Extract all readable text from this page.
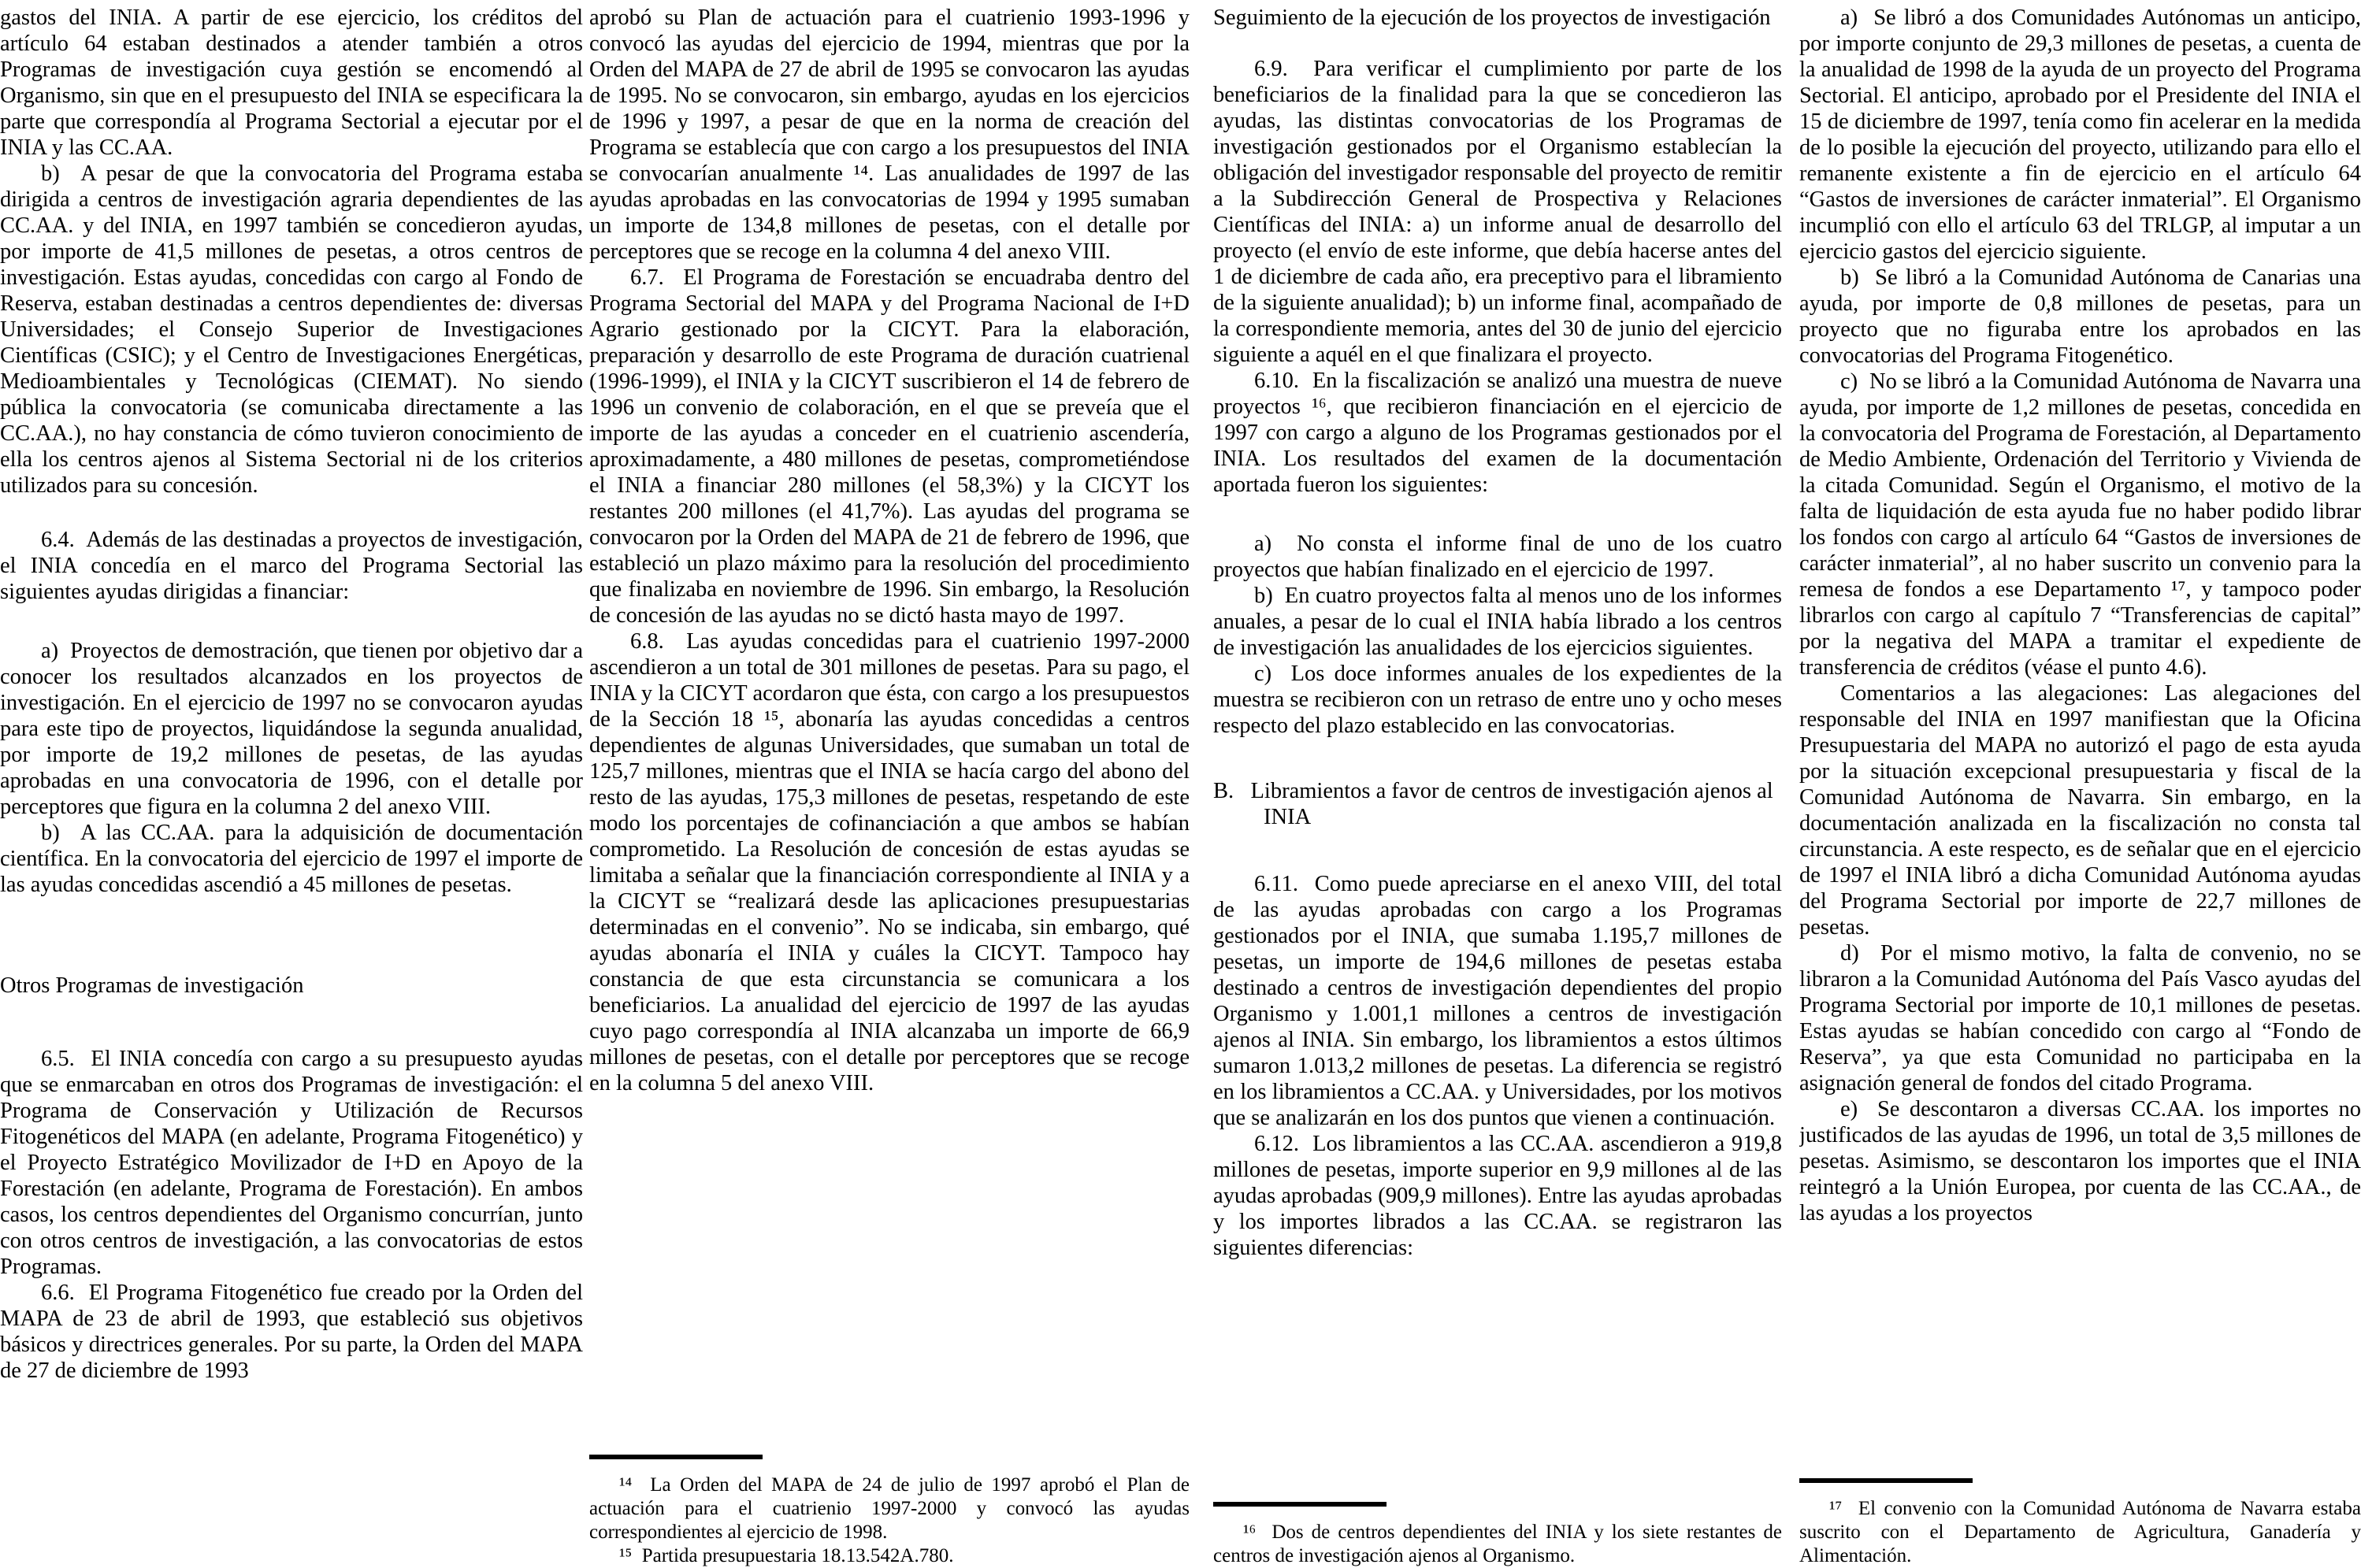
gastos del INIA. A partir de ese ejercicio, los créditos del artículo 64 estaban destinados a atender también a otros Programas de investigación cuya gestión se encomendó al Organismo, sin que en el presupuesto del INIA se especificara la parte que correspondía al Programa Sectorial a ejecutar por el INIA y las CC.AA.

b)  A pesar de que la convocatoria del Programa estaba dirigida a centros de investigación agraria dependientes de las CC.AA. y del INIA, en 1997 también se concedieron ayudas, por importe de 41,5 millones de pesetas, a otros centros de investigación. Estas ayudas, concedidas con cargo al Fondo de Reserva, estaban destinadas a centros dependientes de: diversas Universidades; el Consejo Superior de Investigaciones Científicas (CSIC); y el Centro de Investigaciones Energéticas, Medioambientales y Tecnológicas (CIEMAT). No siendo pública la convocatoria (se comunicaba directamente a las CC.AA.), no hay constancia de cómo tuvieron conocimiento de ella los centros ajenos al Sistema Sectorial ni de los criterios utilizados para su concesión.

6.4.  Además de las destinadas a proyectos de investigación, el INIA concedía en el marco del Programa Sectorial las siguientes ayudas dirigidas a financiar:

a)  Proyectos de demostración, que tienen por objetivo dar a conocer los resultados alcanzados en los proyectos de investigación. En el ejercicio de 1997 no se convocaron ayudas para este tipo de proyectos, liquidándose la segunda anualidad, por importe de 19,2 millones de pesetas, de las ayudas aprobadas en una convocatoria de 1996, con el detalle por perceptores que figura en la columna 2 del anexo VIII.

b)  A las CC.AA. para la adquisición de documentación científica. En la convocatoria del ejercicio de 1997 el importe de las ayudas concedidas ascendió a 45 millones de pesetas.

Otros Programas de investigación

6.5.  El INIA concedía con cargo a su presupuesto ayudas que se enmarcaban en otros dos Programas de investigación: el Programa de Conservación y Utilización de Recursos Fitogenéticos del MAPA (en adelante, Programa Fitogenético) y el Proyecto Estratégico Movilizador de I+D en Apoyo de la Forestación (en adelante, Programa de Forestación). En ambos casos, los centros dependientes del Organismo concurrían, junto con otros centros de investigación, a las convocatorias de estos Programas.

6.6.  El Programa Fitogenético fue creado por la Orden del MAPA de 23 de abril de 1993, que estableció sus objetivos básicos y directrices generales. Por su parte, la Orden del MAPA de 27 de diciembre de 1993

aprobó su Plan de actuación para el cuatrienio 1993-1996 y convocó las ayudas del ejercicio de 1994, mientras que por la Orden del MAPA de 27 de abril de 1995 se convocaron las ayudas de 1995. No se convocaron, sin embargo, ayudas en los ejercicios de 1996 y 1997, a pesar de que en la norma de creación del Programa se establecía que con cargo a los presupuestos del INIA se convocarían anualmente ¹⁴. Las anualidades de 1997 de las ayudas aprobadas en las convocatorias de 1994 y 1995 sumaban un importe de 134,8 millones de pesetas, con el detalle por perceptores que se recoge en la columna 4 del anexo VIII.

6.7.  El Programa de Forestación se encuadraba dentro del Programa Sectorial del MAPA y del Programa Nacional de I+D Agrario gestionado por la CICYT. Para la elaboración, preparación y desarrollo de este Programa de duración cuatrienal (1996-1999), el INIA y la CICYT suscribieron el 14 de febrero de 1996 un convenio de colaboración, en el que se preveía que el importe de las ayudas a conceder en el cuatrienio ascendería, aproximadamente, a 480 millones de pesetas, comprometiéndose el INIA a financiar 280 millones (el 58,3%) y la CICYT los restantes 200 millones (el 41,7%). Las ayudas del programa se convocaron por la Orden del MAPA de 21 de febrero de 1996, que estableció un plazo máximo para la resolución del procedimiento que finalizaba en noviembre de 1996. Sin embargo, la Resolución de concesión de las ayudas no se dictó hasta mayo de 1997.

6.8.  Las ayudas concedidas para el cuatrienio 1997-2000 ascendieron a un total de 301 millones de pesetas. Para su pago, el INIA y la CICYT acordaron que ésta, con cargo a los presupuestos de la Sección 18 ¹⁵, abonaría las ayudas concedidas a centros dependientes de algunas Universidades, que sumaban un total de 125,7 millones, mientras que el INIA se hacía cargo del abono del resto de las ayudas, 175,3 millones de pesetas, respetando de este modo los porcentajes de cofinanciación a que ambos se habían comprometido. La Resolución de concesión de estas ayudas se limitaba a señalar que la financiación correspondiente al INIA y a la CICYT se “realizará desde las aplicaciones presupuestarias determinadas en el convenio”. No se indicaba, sin embargo, qué ayudas abonaría el INIA y cuáles la CICYT. Tampoco hay constancia de que esta circunstancia se comunicara a los beneficiarios. La anualidad del ejercicio de 1997 de las ayudas cuyo pago correspondía al INIA alcanzaba un importe de 66,9 millones de pesetas, con el detalle por perceptores que se recoge en la columna 5 del anexo VIII.

¹⁴  La Orden del MAPA de 24 de julio de 1997 aprobó el Plan de actuación para el cuatrienio 1997-2000 y convocó las ayudas correspondientes al ejercicio de 1998.

¹⁵  Partida presupuestaria 18.13.542A.780.

Seguimiento de la ejecución de los proyectos de investigación

6.9.  Para verificar el cumplimiento por parte de los beneficiarios de la finalidad para la que se concedieron las ayudas, las distintas convocatorias de los Programas de investigación gestionados por el Organismo establecían la obligación del investigador responsable del proyecto de remitir a la Subdirección General de Prospectiva y Relaciones Científicas del INIA: a) un informe anual de desarrollo del proyecto (el envío de este informe, que debía hacerse antes del 1 de diciembre de cada año, era preceptivo para el libramiento de la siguiente anualidad); b) un informe final, acompañado de la correspondiente memoria, antes del 30 de junio del ejercicio siguiente a aquél en el que finalizara el proyecto.

6.10.  En la fiscalización se analizó una muestra de nueve proyectos ¹⁶, que recibieron financiación en el ejercicio de 1997 con cargo a alguno de los Programas gestionados por el INIA. Los resultados del examen de la documentación aportada fueron los siguientes:

a)  No consta el informe final de uno de los cuatro proyectos que habían finalizado en el ejercicio de 1997.

b)  En cuatro proyectos falta al menos uno de los informes anuales, a pesar de lo cual el INIA había librado a los centros de investigación las anualidades de los ejercicios siguientes.

c)  Los doce informes anuales de los expedientes de la muestra se recibieron con un retraso de entre uno y ocho meses respecto del plazo establecido en las convocatorias.

B.   Libramientos a favor de centros de investigación ajenos al INIA

6.11.  Como puede apreciarse en el anexo VIII, del total de las ayudas aprobadas con cargo a los Programas gestionados por el INIA, que sumaba 1.195,7 millones de pesetas, un importe de 194,6 millones de pesetas estaba destinado a centros de investigación dependientes del propio Organismo y 1.001,1 millones a centros de investigación ajenos al INIA. Sin embargo, los libramientos a estos últimos sumaron 1.013,2 millones de pesetas. La diferencia se registró en los libramientos a CC.AA. y Universidades, por los motivos que se analizarán en los dos puntos que vienen a continuación.

6.12.  Los libramientos a las CC.AA. ascendieron a 919,8 millones de pesetas, importe superior en 9,9 millones al de las ayudas aprobadas (909,9 millones). Entre las ayudas aprobadas y los importes librados a las CC.AA. se registraron las siguientes diferencias:

¹⁶  Dos de centros dependientes del INIA y los siete restantes de centros de investigación ajenos al Organismo.

a)  Se libró a dos Comunidades Autónomas un anticipo, por importe conjunto de 29,3 millones de pesetas, a cuenta de la anualidad de 1998 de la ayuda de un proyecto del Programa Sectorial. El anticipo, aprobado por el Presidente del INIA el 15 de diciembre de 1997, tenía como fin acelerar en la medida de lo posible la ejecución del proyecto, utilizando para ello el remanente existente a fin de ejercicio en el artículo 64 “Gastos de inversiones de carácter inmaterial”. El Organismo incumplió con ello el artículo 63 del TRLGP, al imputar a un ejercicio gastos del ejercicio siguiente.

b)  Se libró a la Comunidad Autónoma de Canarias una ayuda, por importe de 0,8 millones de pesetas, para un proyecto que no figuraba entre los aprobados en las convocatorias del Programa Fitogenético.

c)  No se libró a la Comunidad Autónoma de Navarra una ayuda, por importe de 1,2 millones de pesetas, concedida en la convocatoria del Programa de Forestación, al Departamento de Medio Ambiente, Ordenación del Territorio y Vivienda de la citada Comunidad. Según el Organismo, el motivo de la falta de liquidación de esta ayuda fue no haber podido librar los fondos con cargo al artículo 64 “Gastos de inversiones de carácter inmaterial”, al no haber suscrito un convenio para la remesa de fondos a ese Departamento ¹⁷, y tampoco poder librarlos con cargo al capítulo 7 “Transferencias de capital” por la negativa del MAPA a tramitar el expediente de transferencia de créditos (véase el punto 4.6).

Comentarios a las alegaciones: Las alegaciones del responsable del INIA en 1997 manifiestan que la Oficina Presupuestaria del MAPA no autorizó el pago de esta ayuda por la situación excepcional presupuestaria y fiscal de la Comunidad Autónoma de Navarra. Sin embargo, en la documentación analizada en la fiscalización no consta tal circunstancia. A este respecto, es de señalar que en el ejercicio de 1997 el INIA libró a dicha Comunidad Autónoma ayudas del Programa Sectorial por importe de 22,7 millones de pesetas.

d)  Por el mismo motivo, la falta de convenio, no se libraron a la Comunidad Autónoma del País Vasco ayudas del Programa Sectorial por importe de 10,1 millones de pesetas. Estas ayudas se habían concedido con cargo al “Fondo de Reserva”, ya que esta Comunidad no participaba en la asignación general de fondos del citado Programa.

e)  Se descontaron a diversas CC.AA. los importes no justificados de las ayudas de 1996, un total de 3,5 millones de pesetas. Asimismo, se descontaron los importes que el INIA reintegró a la Unión Europea, por cuenta de las CC.AA., de las ayudas a los proyectos

¹⁷  El convenio con la Comunidad Autónoma de Navarra estaba suscrito con el Departamento de Agricultura, Ganadería y Alimentación.
